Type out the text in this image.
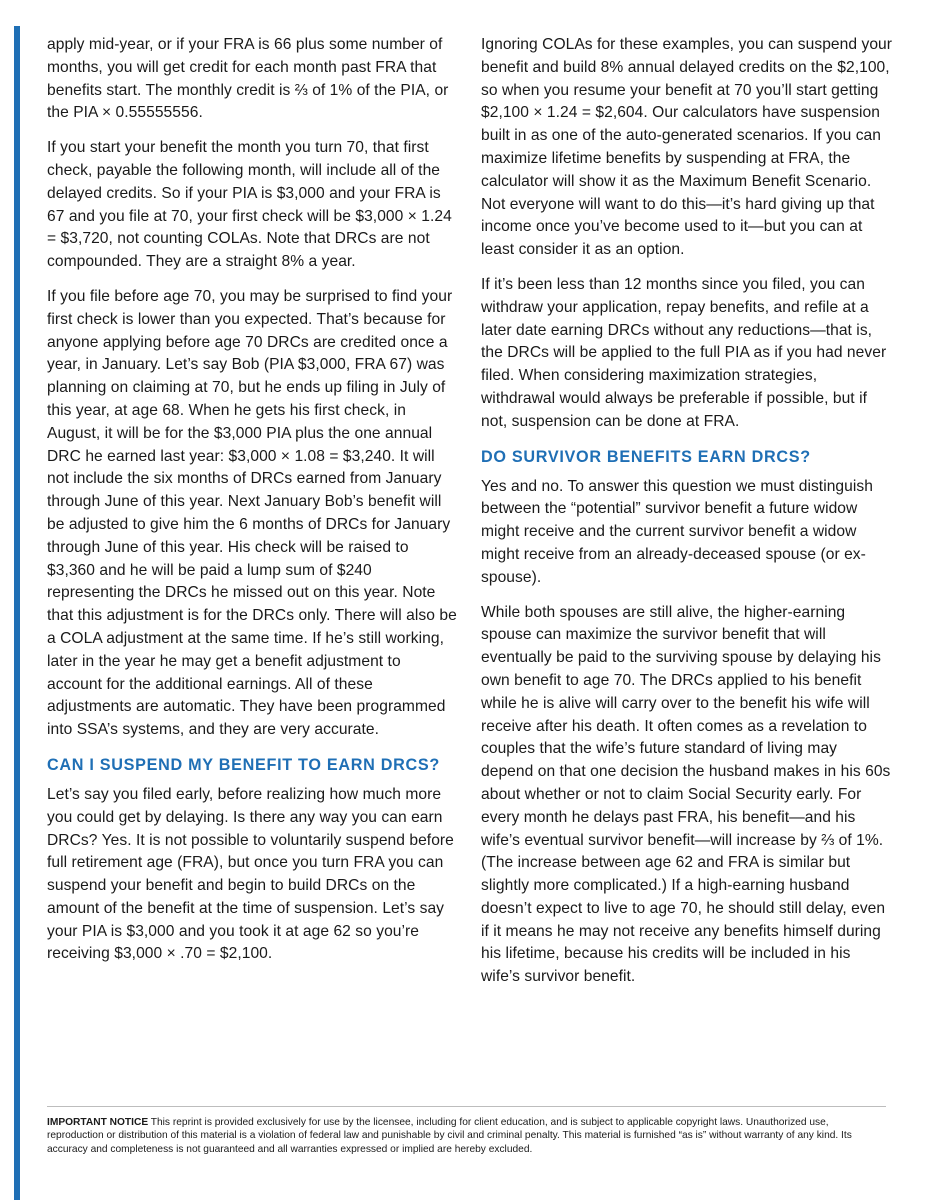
apply mid-year, or if your FRA is 66 plus some number of months, you will get credit for each month past FRA that benefits start. The monthly credit is ⅔ of 1% of the PIA, or the PIA × 0.55555556.

If you start your benefit the month you turn 70, that first check, payable the following month, will include all of the delayed credits. So if your PIA is $3,000 and your FRA is 67 and you file at 70, your first check will be $3,000 × 1.24 = $3,720, not counting COLAs. Note that DRCs are not compounded. They are a straight 8% a year.

If you file before age 70, you may be surprised to find your first check is lower than you expected. That’s because for anyone applying before age 70 DRCs are credited once a year, in January. Let’s say Bob (PIA $3,000, FRA 67) was planning on claiming at 70, but he ends up filing in July of this year, at age 68. When he gets his first check, in August, it will be for the $3,000 PIA plus the one annual DRC he earned last year: $3,000 × 1.08 = $3,240. It will not include the six months of DRCs earned from January through June of this year. Next January Bob’s benefit will be adjusted to give him the 6 months of DRCs for January through June of this year. His check will be raised to $3,360 and he will be paid a lump sum of $240 representing the DRCs he missed out on this year. Note that this adjustment is for the DRCs only. There will also be a COLA adjustment at the same time. If he’s still working, later in the year he may get a benefit adjustment to account for the additional earnings. All of these adjustments are automatic. They have been programmed into SSA’s systems, and they are very accurate.

CAN I SUSPEND MY BENEFIT TO EARN DRCS?

Let’s say you filed early, before realizing how much more you could get by delaying. Is there any way you can earn DRCs? Yes. It is not possible to voluntarily suspend before full retirement age (FRA), but once you turn FRA you can suspend your benefit and begin to build DRCs on the amount of the benefit at the time of suspension. Let’s say your PIA is $3,000 and you took it at age 62 so you’re receiving $3,000 × .70 = $2,100.

Ignoring COLAs for these examples, you can suspend your benefit and build 8% annual delayed credits on the $2,100, so when you resume your benefit at 70 you’ll start getting $2,100 × 1.24 = $2,604. Our calculators have suspension built in as one of the auto-generated scenarios. If you can maximize lifetime benefits by suspending at FRA, the calculator will show it as the Maximum Benefit Scenario. Not everyone will want to do this—it’s hard giving up that income once you’ve become used to it—but you can at least consider it as an option.

If it’s been less than 12 months since you filed, you can withdraw your application, repay benefits, and refile at a later date earning DRCs without any reductions—that is, the DRCs will be applied to the full PIA as if you had never filed. When considering maximization strategies, withdrawal would always be preferable if possible, but if not, suspension can be done at FRA.

DO SURVIVOR BENEFITS EARN DRCS?

Yes and no. To answer this question we must distinguish between the “potential” survivor benefit a future widow might receive and the current survivor benefit a widow might receive from an already-deceased spouse (or ex-spouse).

While both spouses are still alive, the higher-earning spouse can maximize the survivor benefit that will eventually be paid to the surviving spouse by delaying his own benefit to age 70. The DRCs applied to his benefit while he is alive will carry over to the benefit his wife will receive after his death. It often comes as a revelation to couples that the wife’s future standard of living may depend on that one decision the husband makes in his 60s about whether or not to claim Social Security early. For every month he delays past FRA, his benefit—and his wife’s eventual survivor benefit—will increase by ⅔ of 1%. (The increase between age 62 and FRA is similar but slightly more complicated.) If a high-earning husband doesn’t expect to live to age 70, he should still delay, even if it means he may not receive any benefits himself during his lifetime, because his credits will be included in his wife’s survivor benefit.

IMPORTANT NOTICE This reprint is provided exclusively for use by the licensee, including for client education, and is subject to applicable copyright laws. Unauthorized use, reproduction or distribution of this material is a violation of federal law and punishable by civil and criminal penalty. This material is furnished “as is” without warranty of any kind. Its accuracy and completeness is not guaranteed and all warranties expressed or implied are hereby excluded.
